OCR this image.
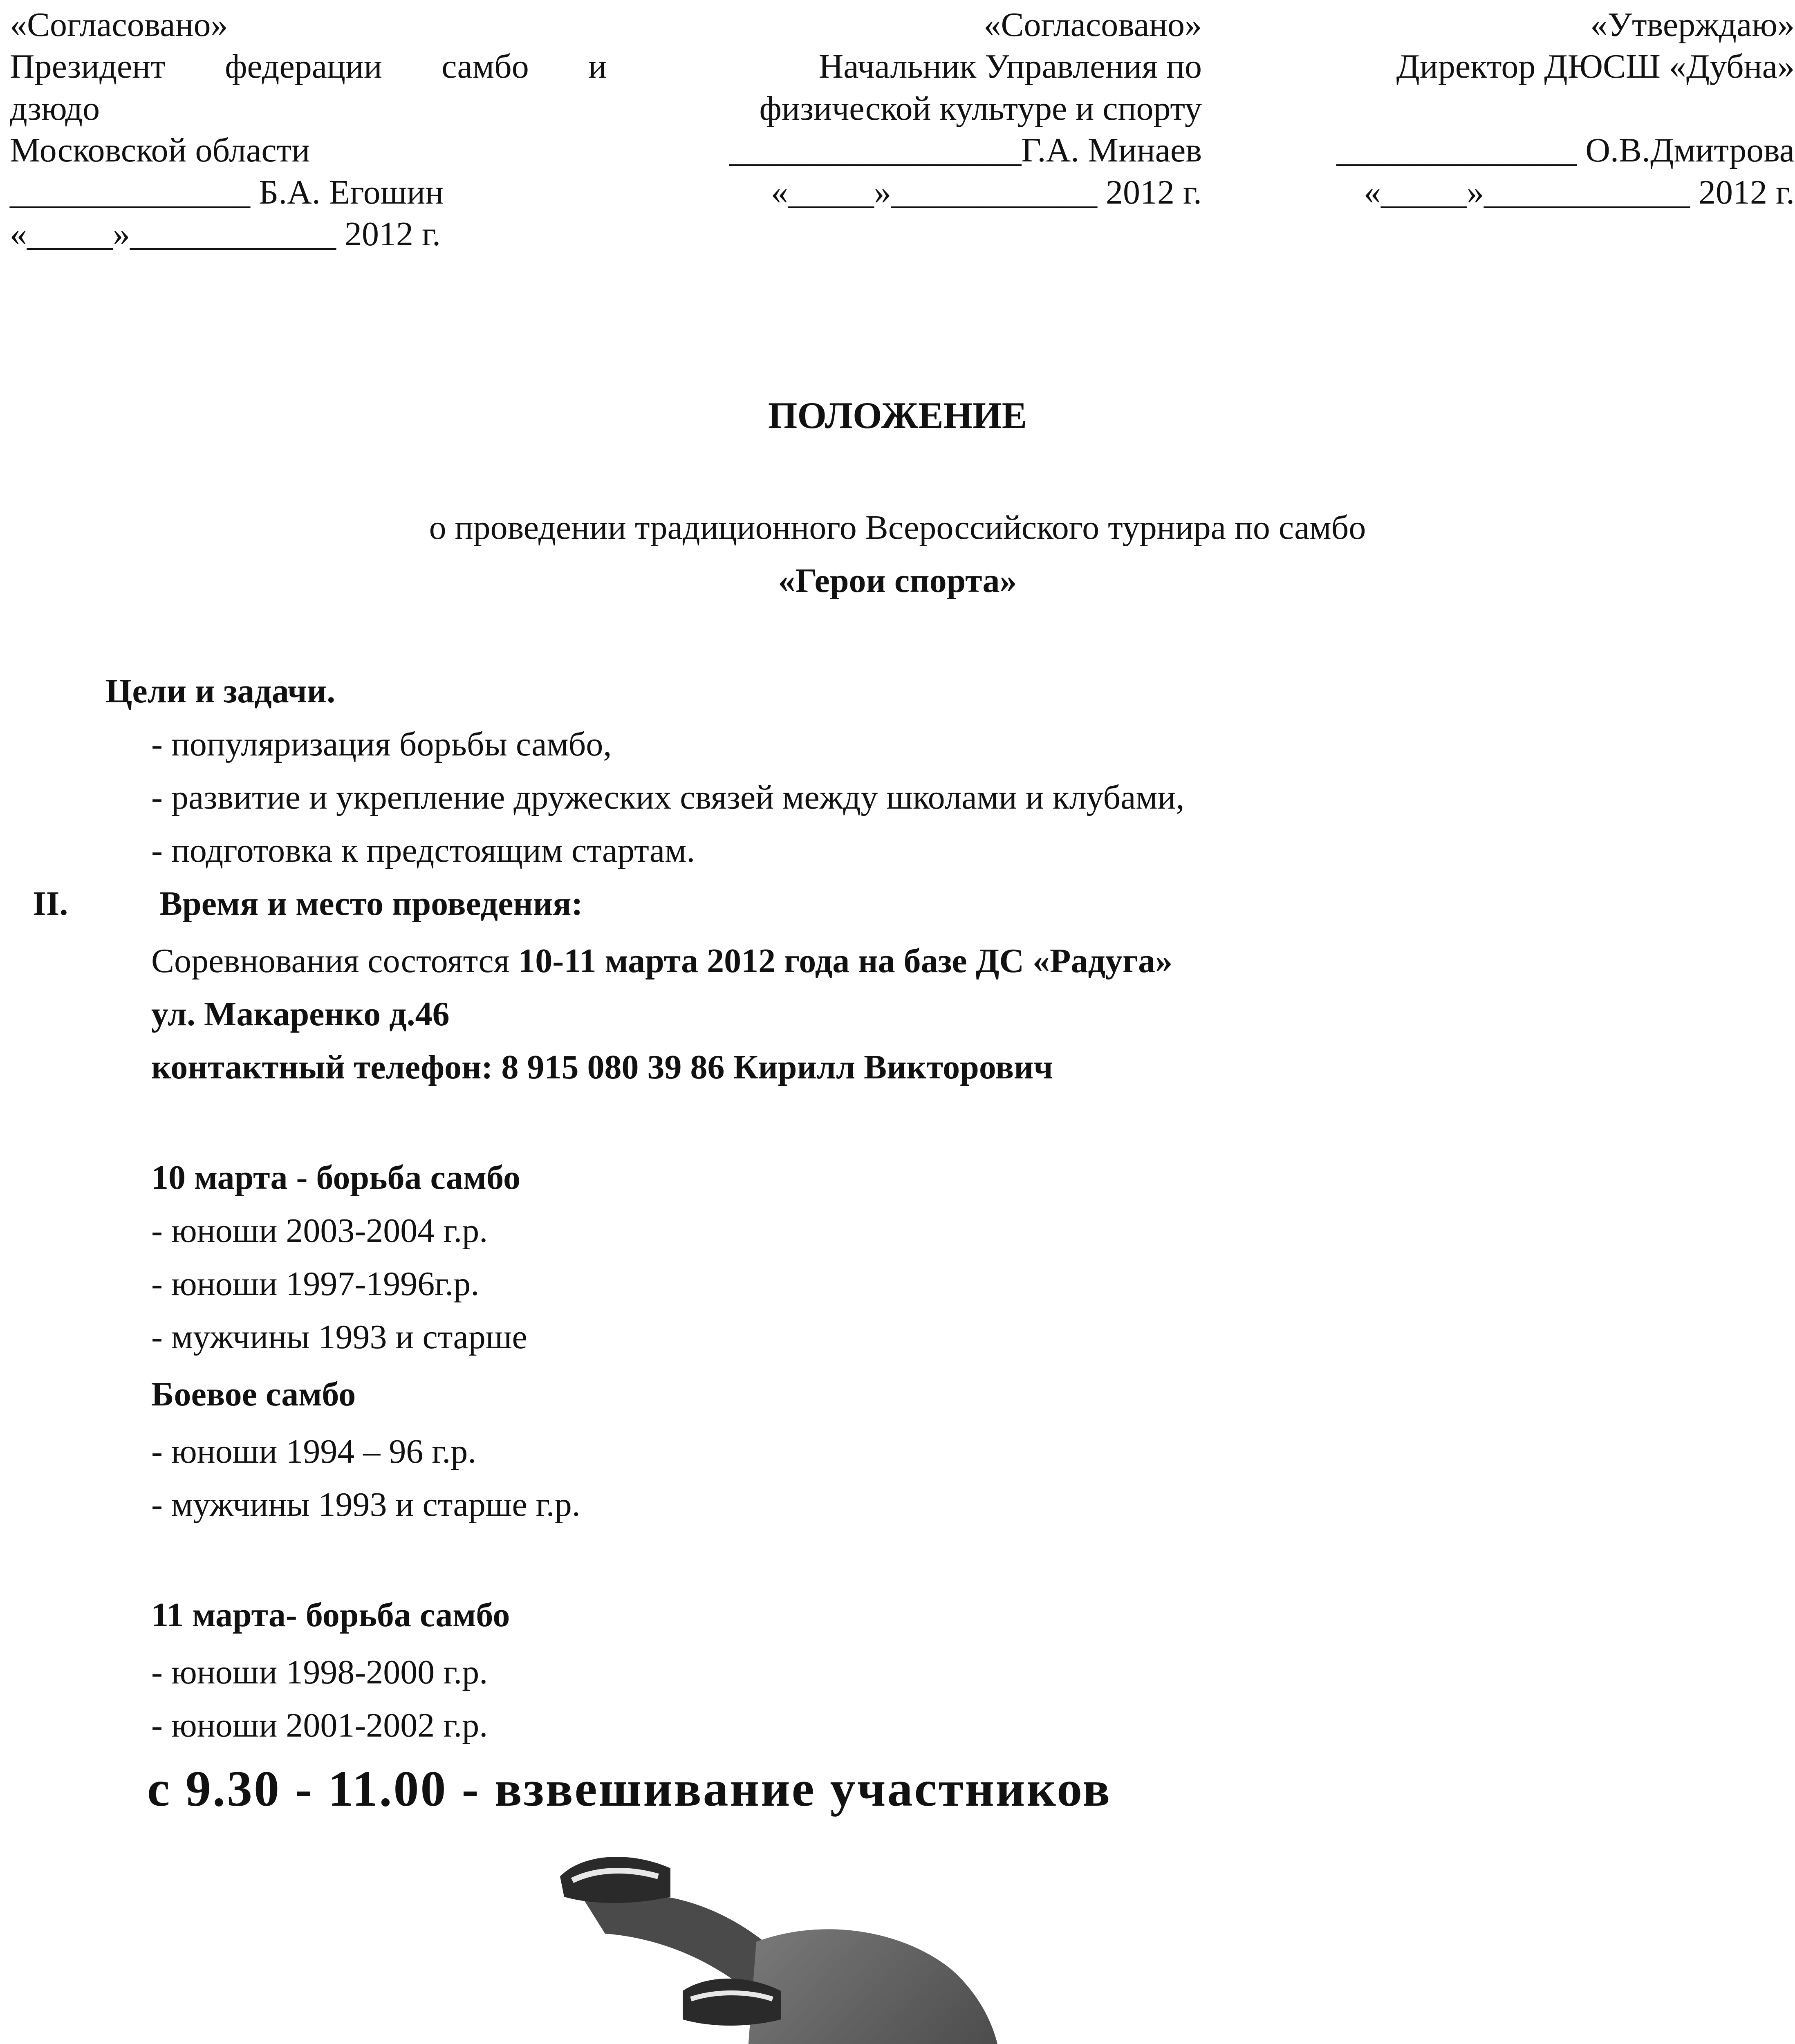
«Согласовано»
Президент федерации самбо и
дзюдо
Московской области
______________ Б.А. Егошин
«_____»____________ 2012 г.
«Согласовано»
Начальник Управления по
физической культуре и спорту
_________________Г.А. Минаев
«_____»____________ 2012 г.
«Утверждаю»
Директор ДЮСШ «Дубна»

______________ О.В.Дмитрова
«_____»____________ 2012 г.
ПОЛОЖЕНИЕ
о проведении традиционного Всероссийского турнира по самбо
«Герои спорта»
Цели и задачи.
- популяризация борьбы самбо,
- развитие и укрепление дружеских связей между школами и клубами,
- подготовка к предстоящим стартам.
II.	Время и место проведения:
Соревнования состоятся 10-11 марта 2012 года на базе ДС «Радуга»
ул. Макаренко д.46
контактный телефон: 8 915 080 39 86 Кирилл Викторович
10 марта - борьба самбо
- юноши 2003-2004 г.р.
- юноши 1997-1996г.р.
- мужчины 1993 и старше
Боевое самбо
- юноши 1994 – 96 г.р.
- мужчины 1993 и старше г.р.
11 марта- борьба самбо
- юноши 1998-2000 г.р.
- юноши 2001-2002 г.р.
с 9.30 - 11.00 - взвешивание участников
